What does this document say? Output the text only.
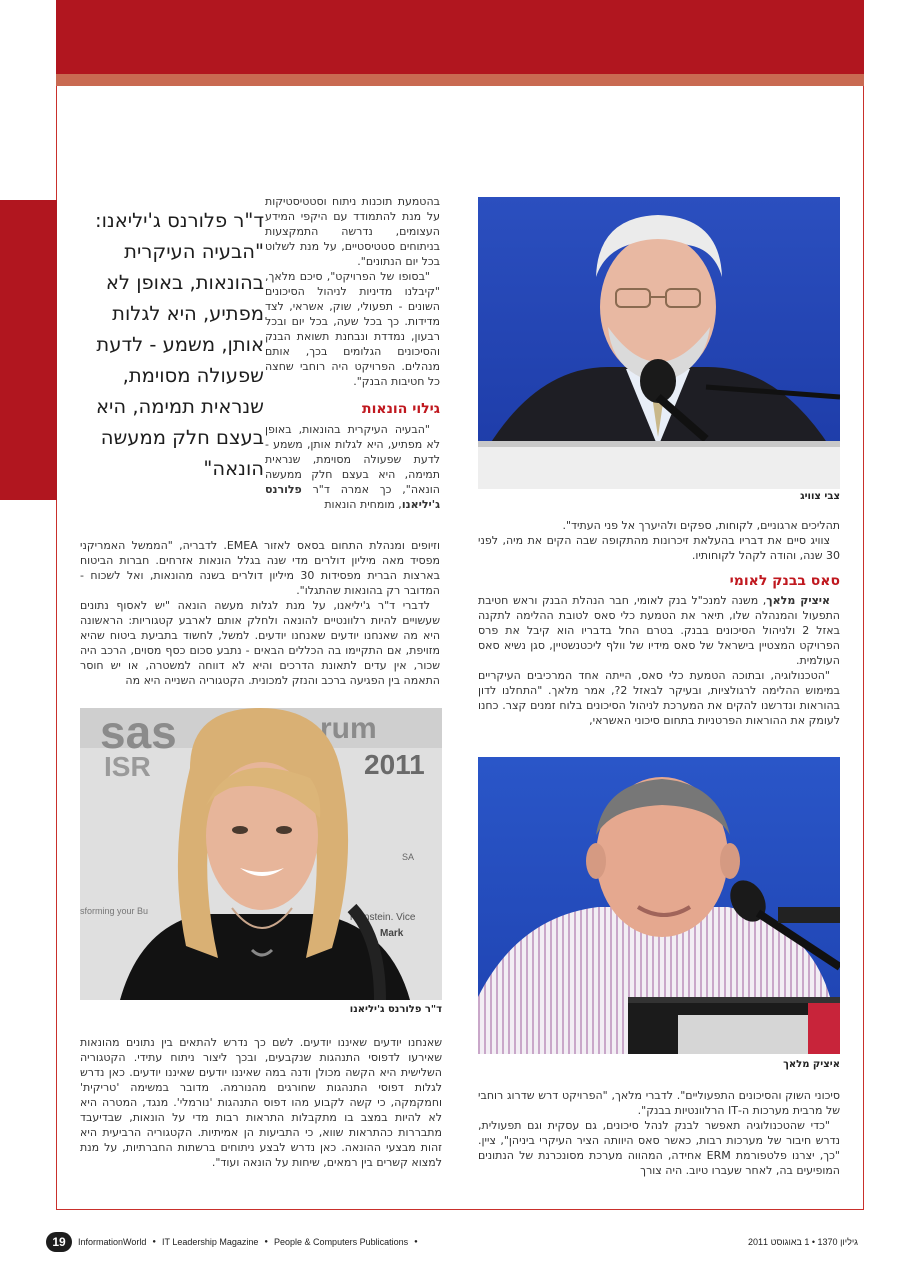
ד"ר פלורנס ג'יליאנו: "הבעיה העיקרית בהונאות, באופן לא מפתיע, היא לגלות אותן, משמע - לדעת שפעולה מסוימת, שנראית תמימה, היא בעצם חלק ממעשה הונאה"

בהטמעת תוכנות ניתוח וסטטיסטיקות על מנת להתמודד עם היקפי המידע העצומים, נדרשה התמקצעות בניתוחים סטטיסטיים, על מנת לשלוט בכל יום הנתונים".

"בסופו של הפרויקט", סיכם מלאך, "קיבלנו מדיניות לניהול הסיכונים השונים - תפעולי, שוק, אשראי, לצד מדידות. כך בכל שעה, בכל יום ובכל רבעון, נמדדת ונבחנת תשואת הבנק והסיכונים הגלומים בכך, אותם מנהלים. הפרויקט היה רוחבי שחצה כל חטיבות הבנק".

גילוי הונאות

"הבעיה העיקרית בהונאות, באופן לא מפתיע, היא לגלות אותן, משמע - לדעת שפעולה מסוימת, שנראית תמימה, היא בעצם חלק ממעשה הונאה", כך אמרה ד"ר פלורנס ג'יליאנו, מומחית הונאות

וזיופים ומנהלת התחום בסאס לאזור EMEA. לדבריה, "הממשל האמריקני מפסיד מאה מיליון דולרים מדי שנה בגלל הונאות אזרחים. חברות הביטוח בארצות הברית מפסידות 30 מיליון דולרים בשנה מהונאות, ואל לשכוח - המדובר רק בהונאות שהתגלו".

לדברי ד"ר ג'יליאנו, על מנת לגלות מעשה הונאה "יש לאסוף נתונים שעשויים להיות רלוונטיים להונאה ולחלק אותם לארבע קטגוריות: הראשונה היא מה שאנחנו יודעים שאנחנו יודעים. למשל, לחשוד בתביעת ביטוח שהיא מזויפת, אם התקיימו בה הכללים הבאים - נתבע סכום כסף מסוים, הרכב היה שכור, אין עדים לתאונת הדרכים והיא לא דווחה למשטרה, או יש חוסר התאמה בין הפגיעה ברכב והנזק למכונית. הקטגוריה השנייה היא מה

צבי צוויג

תהליכים ארגוניים, לקוחות, ספקים ולהיערך אל פני העתיד".

צוויג סיים את דבריו בהעלאת זיכרונות מהתקופה שבה הקים את מיה, לפני 30 שנה, והודה לקהל לקוחותיו.

סאס בבנק לאומי

איציק מלאך, משנה למנכ"ל בנק לאומי, חבר הנהלת הבנק וראש חטיבת התפעול והמנהלה שלו, תיאר את הטמעת כלי סאס לטובת ההלימה לתקנה באזל 2 ולניהול הסיכונים בבנק. בטרם החל בדבריו הוא קיבל את פרס הפרויקט המצטיין בישראל של סאס מידיו של וולף ליכטנשטיין, סגן נשיא סאס העולמית.

"הטכנולוגיה, ובתוכה הטמעת כלי סאס, הייתה אחד המרכיבים העיקריים במימוש ההלימה לרגולציות, ובעיקר לבאזל 2?, אמר מלאך. "התחלנו לדון בהוראות ונדרשנו להקים את המערכת לניהול הסיכונים בלוח זמנים קצר. כחנו לעומק את ההוראות הפרטניות בתחום סיכוני האשראי,

sas	rum
ISR	2011
sforming your Bu
ntenstein. Vice
Mark
SA
ד"ר פלורנס ג'יליאנו

שאנחנו יודעים שאיננו יודעים. לשם כך נדרש להתאים בין נתונים מהונאות שאירעו לדפוסי התנהגות שנקבעים, ובכך ליצור ניתוח עתידי. הקטגוריה השלישית היא הקשה מכולן ודנה במה שאיננו יודעים שאיננו יודעים. כאן נדרש לגלות דפוסי התנהגות שחורגים מהנורמה. מדובר במשימה 'טריקית' וחמקמקה, כי קשה לקבוע מהו דפוס התנהגות 'נורמלי'. מנגד, המטרה היא לא להיות במצב בו מתקבלות התראות רבות מדי על הונאות, שבדיעבד מתבררות כהתראות שווא, כי התביעות הן אמיתיות. הקטגוריה הרביעית היא זהות מבצעי ההונאה. כאן נדרש לבצע ניתוחים ברשתות החברתיות, על מנת למצוא קשרים בין רמאים, שיחות על הונאה ועוד".

איציק מלאך

סיכוני השוק והסיכונים התפעוליים". לדברי מלאך, "הפרויקט דרש שדרוג רוחבי של מרבית מערכות ה-IT הרלוונטיות בבנק".

"כדי שהטכנולוגיה תאפשר לבנק לנהל סיכונים, גם עסקית וגם תפעולית, נדרש חיבור של מערכות רבות, כאשר סאס היוותה הציר העיקרי ביניהן", ציין. "כך, יצרנו פלטפורמת ERM אחידה, המהווה מערכת מסונכרנת של הנתונים המופיעים בה, לאחר שעברו טיוב. היה צורך

19	InformationWorld ● IT Leadership Magazine ● People & Computers Publications ●	גיליון 1370 • 1 באוגוסט 2011
